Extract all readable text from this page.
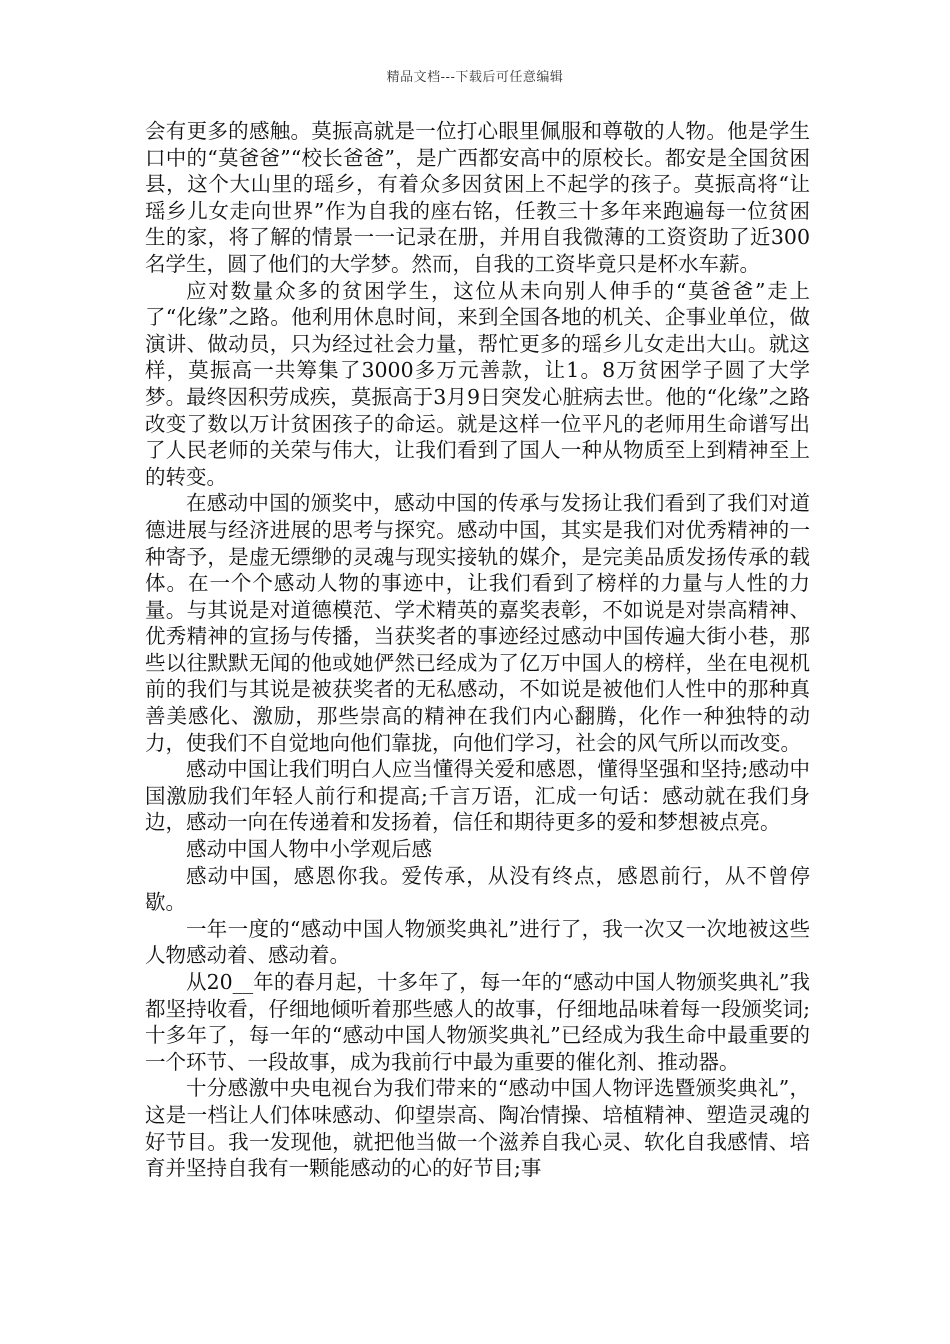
精品文档---下载后可任意编辑

会有更多的感触。莫振高就是一位打心眼里佩服和尊敬的人物。他是学生口中的“莫爸爸”“校长爸爸”，是广西都安高中的原校长。都安是全国贫困县，这个大山里的瑶乡，有着众多因贫困上不起学的孩子。莫振高将“让瑶乡儿女走向世界”作为自我的座右铭，任教三十多年来跑遍每一位贫困生的家，将了解的情景一一记录在册，并用自我微薄的工资资助了近300名学生，圆了他们的大学梦。然而，自我的工资毕竟只是杯水车薪。

应对数量众多的贫困学生，这位从未向别人伸手的“莫爸爸”走上了“化缘”之路。他利用休息时间，来到全国各地的机关、企事业单位，做演讲、做动员，只为经过社会力量，帮忙更多的瑶乡儿女走出大山。就这样，莫振高一共筹集了3000多万元善款，让1。8万贫困学子圆了大学梦。最终因积劳成疾，莫振高于3月9日突发心脏病去世。他的“化缘”之路改变了数以万计贫困孩子的命运。就是这样一位平凡的老师用生命谱写出了人民老师的关荣与伟大，让我们看到了国人一种从物质至上到精神至上的转变。

在感动中国的颁奖中，感动中国的传承与发扬让我们看到了我们对道德进展与经济进展的思考与探究。感动中国，其实是我们对优秀精神的一种寄予，是虚无缥缈的灵魂与现实接轨的媒介，是完美品质发扬传承的载体。在一个个感动人物的事迹中，让我们看到了榜样的力量与人性的力量。与其说是对道德模范、学术精英的嘉奖表彰，不如说是对崇高精神、优秀精神的宣扬与传播，当获奖者的事迹经过感动中国传遍大街小巷，那些以往默默无闻的他或她俨然已经成为了亿万中国人的榜样，坐在电视机前的我们与其说是被获奖者的无私感动，不如说是被他们人性中的那种真善美感化、激励，那些崇高的精神在我们内心翻腾，化作一种独特的动力，使我们不自觉地向他们靠拢，向他们学习，社会的风气所以而改变。

感动中国让我们明白人应当懂得关爱和感恩，懂得坚强和坚持;感动中国激励我们年轻人前行和提高;千言万语，汇成一句话：感动就在我们身边，感动一向在传递着和发扬着，信任和期待更多的爱和梦想被点亮。

感动中国人物中小学观后感

感动中国，感恩你我。爱传承，从没有终点，感恩前行，从不曾停歇。

一年一度的“感动中国人物颁奖典礼”进行了，我一次又一次地被这些人物感动着、感动着。

从20__年的春月起，十多年了，每一年的“感动中国人物颁奖典礼”我都坚持收看，仔细地倾听着那些感人的故事，仔细地品味着每一段颁奖词;十多年了，每一年的“感动中国人物颁奖典礼”已经成为我生命中最重要的一个环节、一段故事，成为我前行中最为重要的催化剂、推动器。

十分感激中央电视台为我们带来的“感动中国人物评选暨颁奖典礼”，这是一档让人们体味感动、仰望崇高、陶冶情操、培植精神、塑造灵魂的好节目。我一发现他，就把他当做一个滋养自我心灵、软化自我感情、培育并坚持自我有一颗能感动的心的好节目;事
